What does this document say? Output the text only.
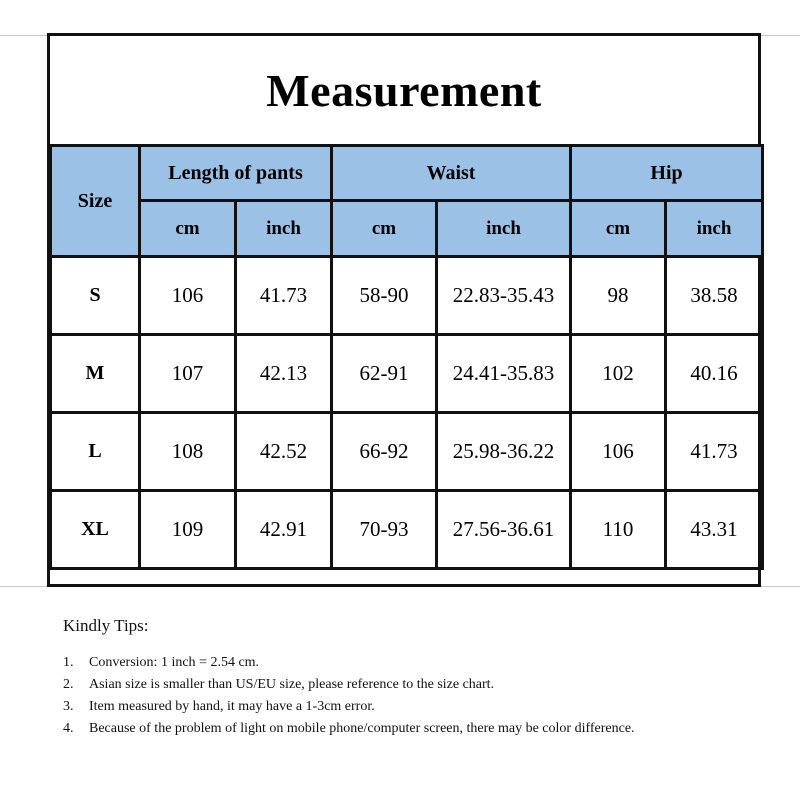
Measurement
Size	Length of pants		Waist		Hip	
	cm	inch	cm	inch	cm	inch
S	106	41.73	58-90	22.83-35.43	98	38.58
M	107	42.13	62-91	24.41-35.83	102	40.16
L	108	42.52	66-92	25.98-36.22	106	41.73
XL	109	42.91	70-93	27.56-36.61	110	43.31
Kindly Tips:
1. Conversion: 1 inch = 2.54 cm.
2. Asian size is smaller than US/EU size, please reference to the size chart.
3. Item measured by hand, it may have a 1-3cm error.
4. Because of the problem of light on mobile phone/computer screen, there may be color difference.
